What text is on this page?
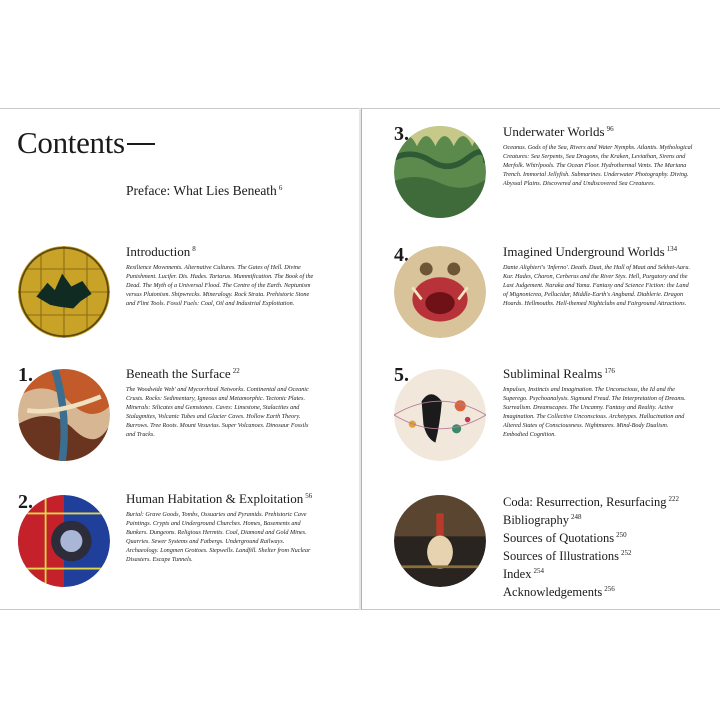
Contents
Preface: What Lies Beneath $^6$
Introduction $^8$
Resilience Movements. Alternative Cultures. The Gates of Hell. Divine Punishment. Lucifer. Dis. Hades. Tartarus. Mummification. The Book of the Dead. The Myth of a Universal Flood. The Centre of the Earth. Neptunism versus Plutonism. Shipwrecks. Mineralogy. Rock Strata. Prehistoric Stone and Flint Tools. Fossil Fuels: Coal, Oil and Industrial Exploitation.
1.	Beneath the Surface $^{22}$
The Woodwide Web' and Mycorrhizal Networks. Continental and Oceanic Crusts. Rocks: Sedimentary, Igneous and Metamorphic. Tectonic Plates. Minerals: Silicates and Gemstones. Caves: Limestone, Stalactites and Stalagmites, Volcanic Tubes and Glacier Caves. Hollow Earth Theory. Burrows. Tree Roots. Mount Vesuvius. Super Volcanoes. Dinosaur Fossils and Tracks.
2.	Human Habitation & Exploitation $^{56}$
Burial: Grave Goods, Tombs, Ossuaries and Pyramids. Prehistoric Cave Paintings. Crypts and Underground Churches. Homes, Basements and Bunkers. Dungeons. Religious Hermits. Coal, Diamond and Gold Mines. Quarries. Sewer Systems and Fatbergs. Underground Railways. Archaeology. Longmen Grottoes. Stepwells. Landfill. Shelter from Nuclear Disasters. Escape Tunnels.
3.	Underwater Worlds $^{96}$
Oceanus. Gods of the Sea, Rivers and Water Nymphs. Atlantis. Mythological Creatures: Sea Serpents, Sea Dragons, the Kraken, Leviathan, Sirens and Merfolk. Whirlpools. The Ocean Floor. Hydrothermal Vents. The Mariana Trench. Immortal Jellyfish. Submarines. Underwater Photography. Diving. Abyssal Plains. Discovered and Undiscovered Sea Creatures.
4.	Imagined Underground Worlds $^{134}$
Dante Alighieri's 'Inferno'. Death. Duat, the Hall of Maat and Sekhet-Aaru. Kur. Hades, Charon, Cerberus and the River Styx. Hell, Purgatory and the Last Judgement. Naraka and Yama. Fantasy and Science Fiction: the Land of Mignonicrea, Pellucidar, Middle-Earth's Angband. Diablerie. Dragon Hoards. Hellmouths. Hell-themed Nightclubs and Fairground Attractions.
5.	Subliminal Realms $^{176}$
Impulses, Instincts and Imagination. The Unconscious, the Id and the Superego. Psychoanalysis. Sigmund Freud. The Interpretation of Dreams. Surrealism. Dreamscapes. The Uncanny. Fantasy and Reality. Active Imagination. The Collective Unconscious. Archetypes. Hallucination and Altered States of Consciousness. Nightmares. Mind-Body Dualism. Embodied Cognition.
Coda: Resurrection, Resurfacing $^{222}$
Bibliography $^{248}$
Sources of Quotations $^{250}$
Sources of Illustrations $^{252}$
Index $^{254}$
Acknowledgements $^{256}$
